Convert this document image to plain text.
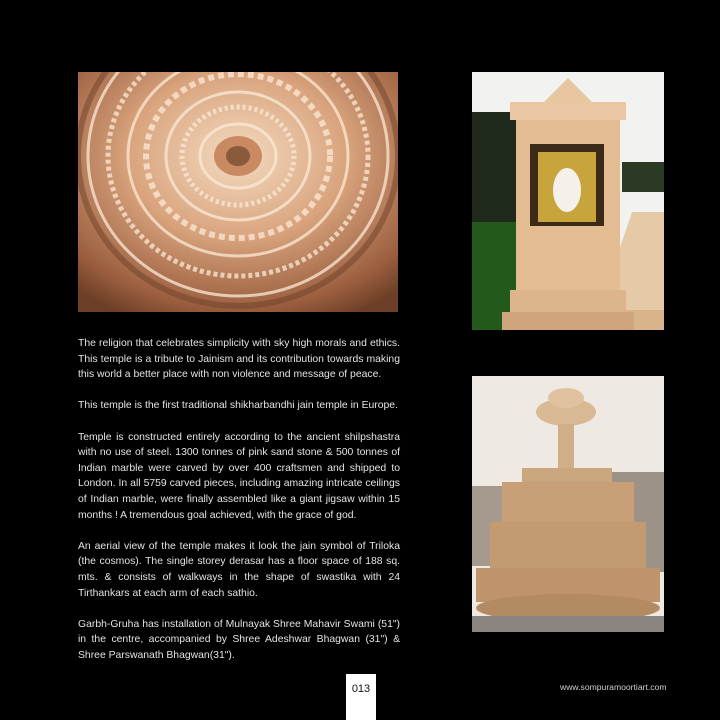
The religion that celebrates simplicity with sky high morals and ethics. This temple is a tribute to Jainism and its contribution towards making this world a better place with non violence and message of peace.

This temple is the first traditional shikharbandhi jain temple in Europe.

Temple is constructed entirely according to the ancient shilpshastra with no use of steel. 1300 tonnes of pink sand stone & 500 tonnes of Indian marble were carved by over 400 craftsmen and shipped to London. In all 5759 carved pieces, including amazing intricate ceilings of Indian marble, were finally assembled like a giant jigsaw within 15 months ! A tremendous goal achieved, with the grace of god.

An aerial view of the temple makes it look the jain symbol of Triloka (the cosmos). The single storey derasar has a floor space of 188 sq. mts. & consists of walkways in the shape of swastika with 24 Tirthankars at each arm of each sathio.

Garbh-Gruha has installation of Mulnayak Shree Mahavir Swami (51") in the centre, accompanied by Shree Adeshwar Bhagwan (31") & Shree Parswanath Bhagwan(31").

013	www.sompuramoortiart.com
